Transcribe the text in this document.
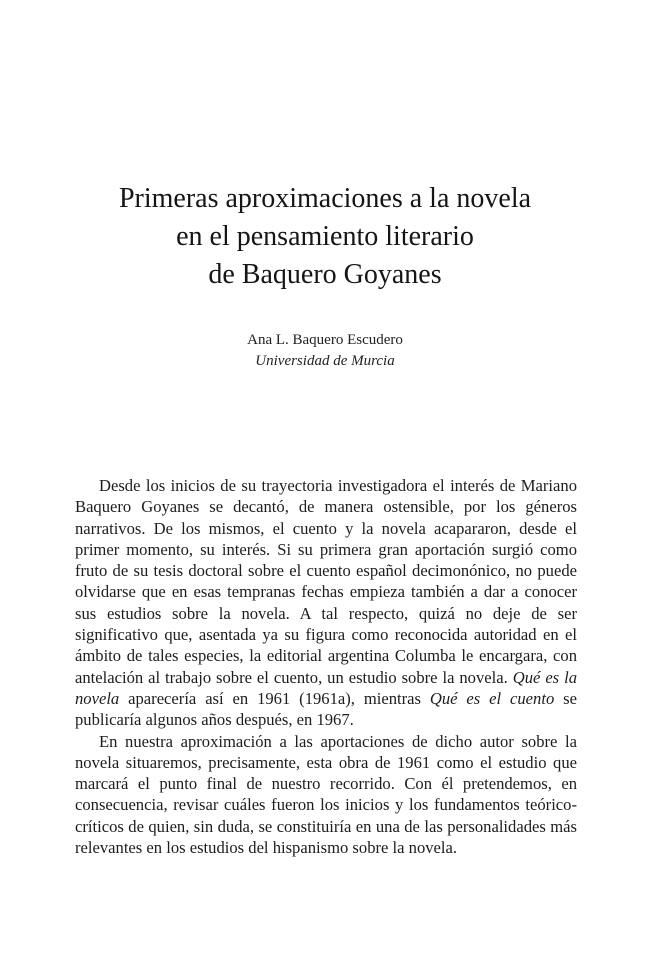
Primeras aproximaciones a la novela
en el pensamiento literario
de Baquero Goyanes
Ana L. Baquero Escudero
Universidad de Murcia

Desde los inicios de su trayectoria investigadora el interés de Mariano Baquero Goyanes se decantó, de manera ostensible, por los géneros narrativos. De los mismos, el cuento y la novela acapararon, desde el primer momento, su interés. Si su primera gran aportación surgió como fruto de su tesis doctoral sobre el cuento español decimonónico, no puede olvidarse que en esas tempranas fechas empieza también a dar a conocer sus estudios sobre la novela. A tal respecto, quizá no deje de ser significativo que, asentada ya su figura como reconocida autoridad en el ámbito de tales especies, la editorial argentina Columba le encargara, con antelación al trabajo sobre el cuento, un estudio sobre la novela. Qué es la novela aparecería así en 1961 (1961a), mientras Qué es el cuento se publicaría algunos años después, en 1967.

En nuestra aproximación a las aportaciones de dicho autor sobre la novela situaremos, precisamente, esta obra de 1961 como el estudio que marcará el punto final de nuestro recorrido. Con él pretendemos, en consecuencia, revisar cuáles fueron los inicios y los fundamentos teórico-críticos de quien, sin duda, se constituiría en una de las personalidades más relevantes en los estudios del hispanismo sobre la novela.
